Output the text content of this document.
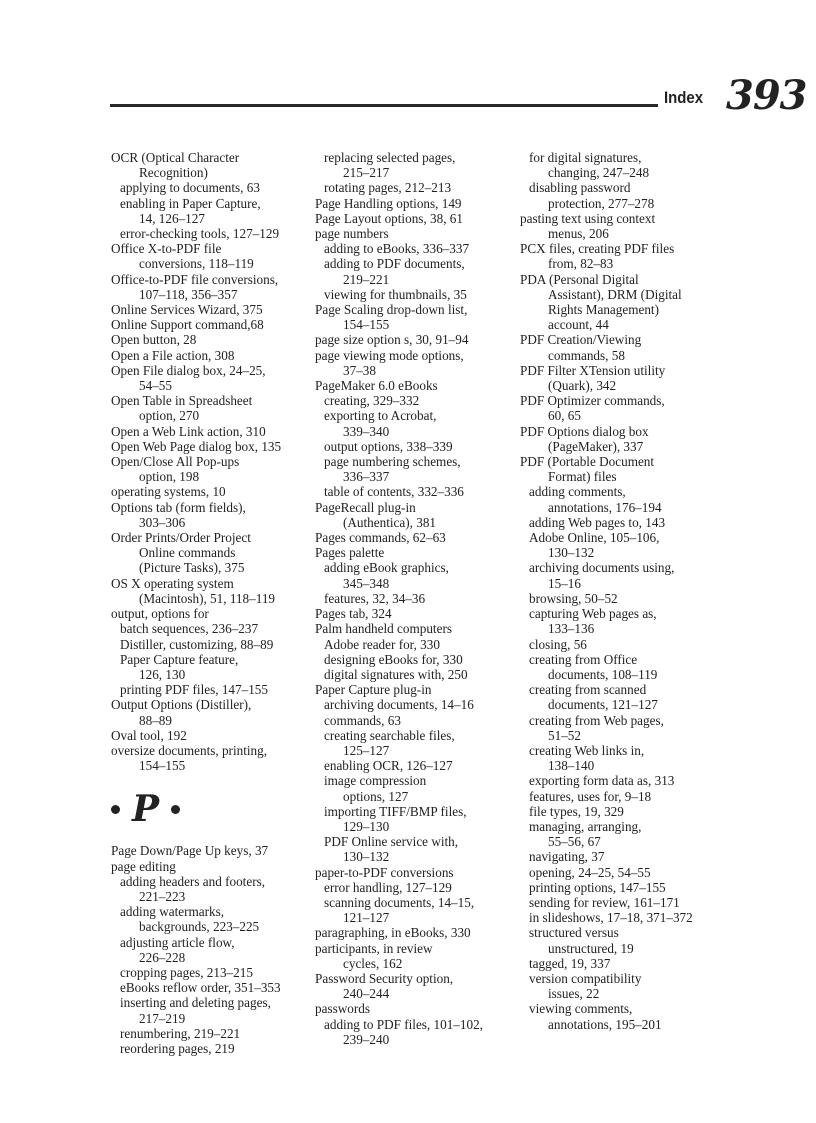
Index 393
OCR (Optical Character
Recognition)
applying to documents, 63
enabling in Paper Capture,
14, 126–127
error-checking tools, 127–129
Office X-to-PDF file
conversions, 118–119
Office-to-PDF file conversions,
107–118, 356–357
Online Services Wizard, 375
Online Support command,68
Open button, 28
Open a File action, 308
Open File dialog box, 24–25,
54–55
Open Table in Spreadsheet
option, 270
Open a Web Link action, 310
Open Web Page dialog box, 135
Open/Close All Pop-ups
option, 198
operating systems, 10
Options tab (form fields),
303–306
Order Prints/Order Project
Online commands
(Picture Tasks), 375
OS X operating system
(Macintosh), 51, 118–119
output, options for
batch sequences, 236–237
Distiller, customizing, 88–89
Paper Capture feature,
126, 130
printing PDF files, 147–155
Output Options (Distiller),
88–89
Oval tool, 192
oversize documents, printing,
154–155
P
Page Down/Page Up keys, 37
page editing
adding headers and footers,
221–223
adding watermarks,
backgrounds, 223–225
adjusting article flow,
226–228
cropping pages, 213–215
eBooks reflow order, 351–353
inserting and deleting pages,
217–219
renumbering, 219–221
reordering pages, 219
replacing selected pages,
215–217
rotating pages, 212–213
Page Handling options, 149
Page Layout options, 38, 61
page numbers
adding to eBooks, 336–337
adding to PDF documents,
219–221
viewing for thumbnails, 35
Page Scaling drop-down list,
154–155
page size option s, 30, 91–94
page viewing mode options,
37–38
PageMaker 6.0 eBooks
creating, 329–332
exporting to Acrobat,
339–340
output options, 338–339
page numbering schemes,
336–337
table of contents, 332–336
PageRecall plug-in
(Authentica), 381
Pages commands, 62–63
Pages palette
adding eBook graphics,
345–348
features, 32, 34–36
Pages tab, 324
Palm handheld computers
Adobe reader for, 330
designing eBooks for, 330
digital signatures with, 250
Paper Capture plug-in
archiving documents, 14–16
commands, 63
creating searchable files,
125–127
enabling OCR, 126–127
image compression
options, 127
importing TIFF/BMP files,
129–130
PDF Online service with,
130–132
paper-to-PDF conversions
error handling, 127–129
scanning documents, 14–15,
121–127
paragraphing, in eBooks, 330
participants, in review
cycles, 162
Password Security option,
240–244
passwords
adding to PDF files, 101–102,
239–240
for digital signatures,
changing, 247–248
disabling password
protection, 277–278
pasting text using context
menus, 206
PCX files, creating PDF files
from, 82–83
PDA (Personal Digital
Assistant), DRM (Digital
Rights Management)
account, 44
PDF Creation/Viewing
commands, 58
PDF Filter XTension utility
(Quark), 342
PDF Optimizer commands,
60, 65
PDF Options dialog box
(PageMaker), 337
PDF (Portable Document
Format) files
adding comments,
annotations, 176–194
adding Web pages to, 143
Adobe Online, 105–106,
130–132
archiving documents using,
15–16
browsing, 50–52
capturing Web pages as,
133–136
closing, 56
creating from Office
documents, 108–119
creating from scanned
documents, 121–127
creating from Web pages,
51–52
creating Web links in,
138–140
exporting form data as, 313
features, uses for, 9–18
file types, 19, 329
managing, arranging,
55–56, 67
navigating, 37
opening, 24–25, 54–55
printing options, 147–155
sending for review, 161–171
in slideshows, 17–18, 371–372
structured versus
unstructured, 19
tagged, 19, 337
version compatibility
issues, 22
viewing comments,
annotations, 195–201
